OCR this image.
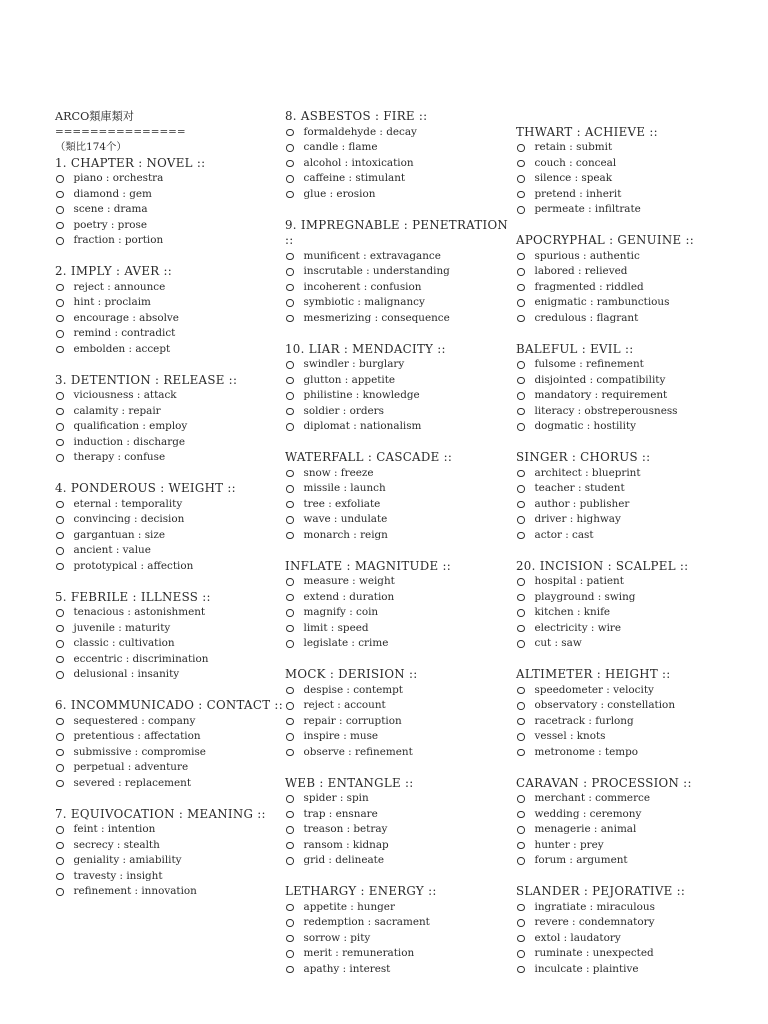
ARCO類庫類对
===============
（類比174个）
1. CHAPTER : NOVEL ::
piano : orchestra
diamond : gem
scene : drama
poetry : prose
fraction : portion
2. IMPLY : AVER ::
reject : announce
hint : proclaim
encourage : absolve
remind : contradict
embolden : accept
3. DETENTION : RELEASE ::
viciousness : attack
calamity : repair
qualification : employ
induction : discharge
therapy : confuse
4. PONDEROUS : WEIGHT ::
eternal : temporality
convincing : decision
gargantuan : size
ancient : value
prototypical : affection
5. FEBRILE : ILLNESS ::
tenacious : astonishment
juvenile : maturity
classic : cultivation
eccentric : discrimination
delusional : insanity
6. INCOMMUNICADO : CONTACT ::
sequestered : company
pretentious : affectation
submissive : compromise
perpetual : adventure
severed : replacement
7. EQUIVOCATION : MEANING ::
feint : intention
secrecy : stealth
geniality : amiability
travesty : insight
refinement : innovation
8. ASBESTOS : FIRE ::
formaldehyde : decay
candle : flame
alcohol : intoxication
caffeine : stimulant
glue : erosion
9. IMPREGNABLE : PENETRATION ::
munificent : extravagance
inscrutable : understanding
incoherent : confusion
symbiotic : malignancy
mesmerizing : consequence
10. LIAR : MENDACITY ::
swindler : burglary
glutton : appetite
philistine : knowledge
soldier : orders
diplomat : nationalism
WATERFALL : CASCADE ::
snow : freeze
missile : launch
tree : exfoliate
wave : undulate
monarch : reign
INFLATE : MAGNITUDE ::
measure : weight
extend : duration
magnify : coin
limit : speed
legislate : crime
MOCK : DERISION ::
despise : contempt
reject : account
repair : corruption
inspire : muse
observe : refinement
WEB : ENTANGLE ::
spider : spin
trap : ensnare
treason : betray
ransom : kidnap
grid : delineate
LETHARGY : ENERGY ::
appetite : hunger
redemption : sacrament
sorrow : pity
merit : remuneration
apathy : interest
THWART : ACHIEVE ::
retain : submit
couch : conceal
silence : speak
pretend : inherit
permeate : infiltrate
APOCRYPHAL : GENUINE ::
spurious : authentic
labored : relieved
fragmented : riddled
enigmatic : rambunctious
credulous : flagrant
BALEFUL : EVIL ::
fulsome : refinement
disjointed : compatibility
mandatory : requirement
literacy : obstreperousness
dogmatic : hostility
SINGER : CHORUS ::
architect : blueprint
teacher : student
author : publisher
driver : highway
actor : cast
20. INCISION : SCALPEL ::
hospital : patient
playground : swing
kitchen : knife
electricity : wire
cut : saw
ALTIMETER : HEIGHT ::
speedometer : velocity
observatory : constellation
racetrack : furlong
vessel : knots
metronome : tempo
CARAVAN : PROCESSION ::
merchant : commerce
wedding : ceremony
menagerie : animal
hunter : prey
forum : argument
SLANDER : PEJORATIVE ::
ingratiate : miraculous
revere : condemnatory
extol : laudatory
ruminate : unexpected
inculcate : plaintive
